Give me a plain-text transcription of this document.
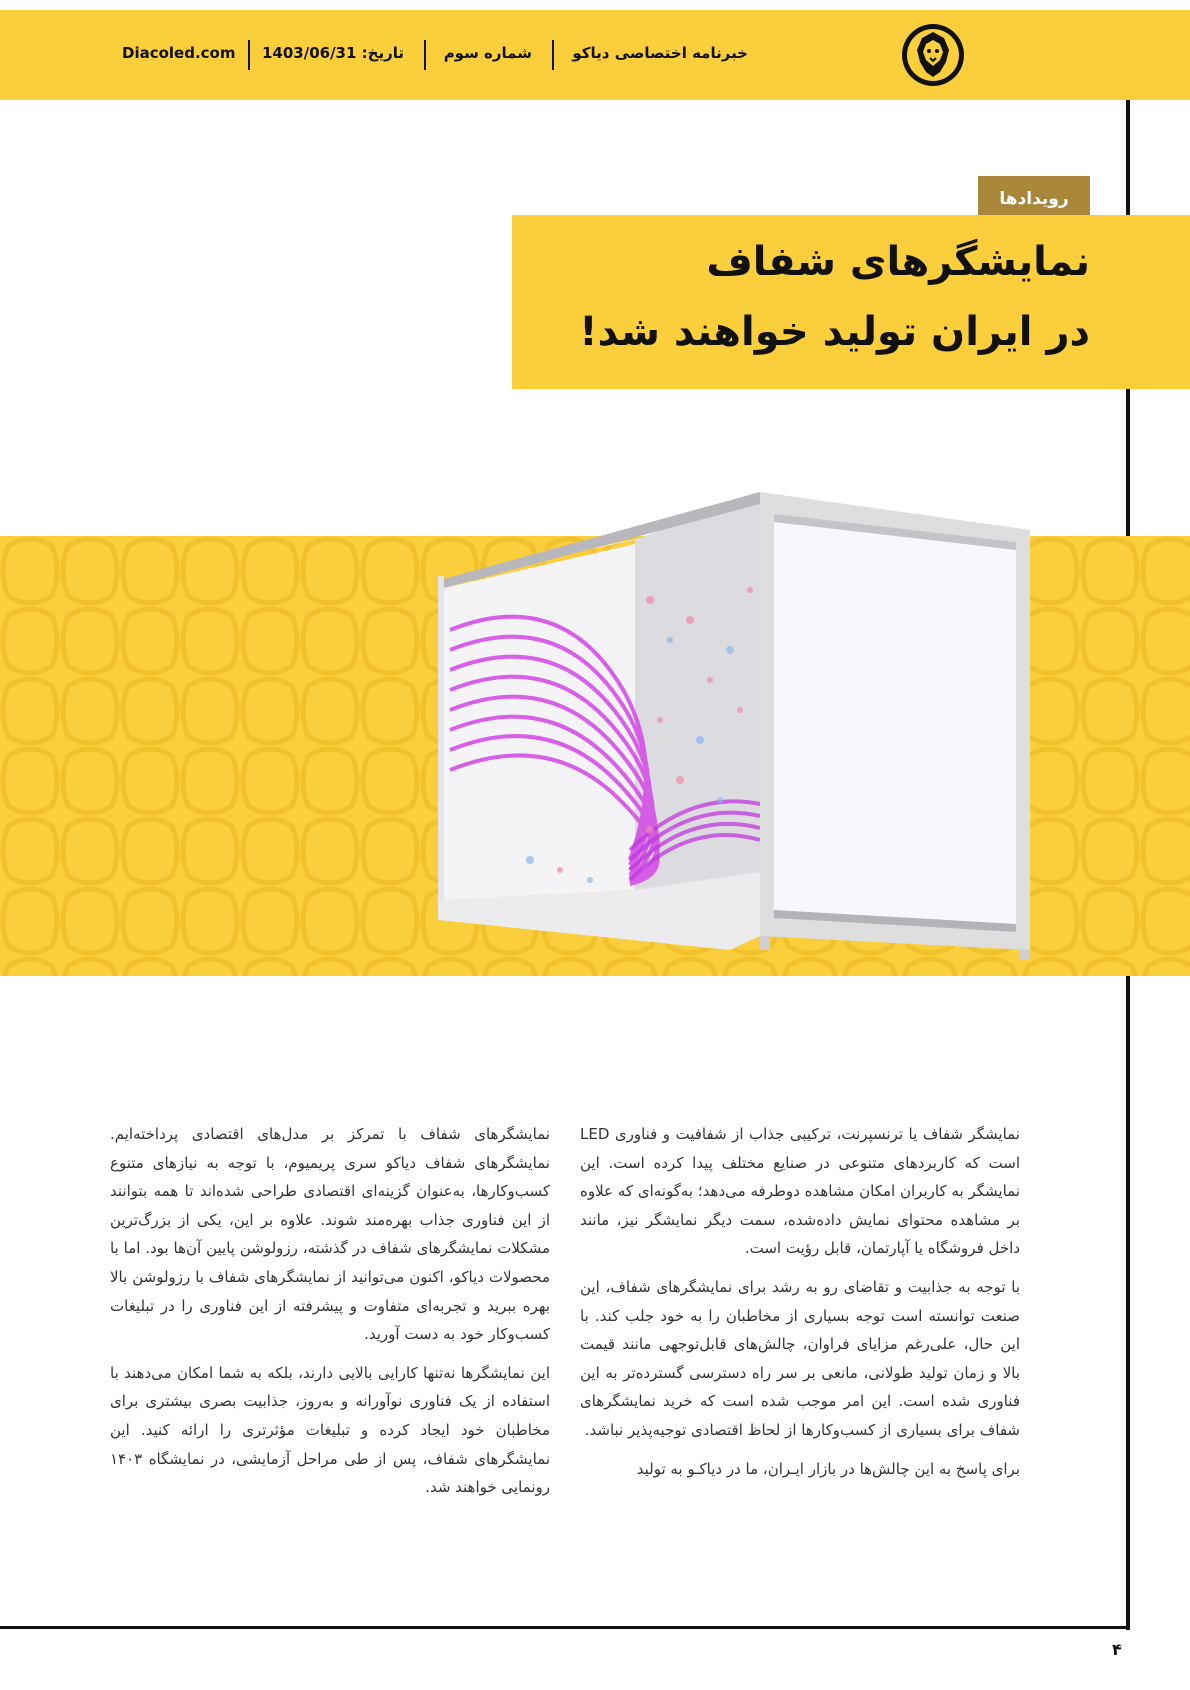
Diacoled.com تاریخ: 1403/06/31	شماره سوم	خبرنامه اختصاصی دیاکو
رویدادها
نمایشگرهای شفاف
در ایران تولید خواهند شد!

نمایشگر شفاف یا ترنسپرنت، ترکیبی جذاب از شفافیت و فناوری LED است که کاربردهای متنوعی در صنایع مختلف پیدا کرده است. این نمایشگر به کاربران امکان مشاهده دوطرفه می‌دهد؛ به‌گونه‌ای که علاوه بر مشاهده محتوای نمایش داده‌شده، سمت دیگر نمایشگر نیز، مانند داخل فروشگاه یا آپارتمان، قابل رؤیت است.

با توجه به جذابیت و تقاضای رو به رشد برای نمایشگرهای شفاف، این صنعت توانسته است توجه بسیاری از مخاطبان را به خود جلب کند. با این حال، علی‌رغم مزایای فراوان، چالش‌های قابل‌توجهی مانند قیمت بالا و زمان تولید طولانی، مانعی بر سر راه دسترسی گسترده‌تر به این فناوری شده است. این امر موجب شده است که خرید نمایشگرهای شفاف برای بسیاری از کسب‌وکارها از لحاظ اقتصادی توجیه‌پذیر نباشد.

برای پاسخ به این چالش‌ها در بازار ایـران، ما در دیاکـو به تولید

نمایشگرهای شفاف با تمرکز بر مدل‌های اقتصادی پرداخته‌ایم. نمایشگرهای شفاف دیاکو سری پریمیوم، با توجه به نیازهای متنوع کسب‌وکارها، به‌عنوان گزینه‌ای اقتصادی طراحی شده‌اند تا همه بتوانند از این فناوری جذاب بهره‌مند شوند. علاوه بر این، یکی از بزرگ‌ترین مشکلات نمایشگرهای شفاف در گذشته، رزولوشن پایین آن‌ها بود. اما با محصولات دیاکو، اکنون می‌توانید از نمایشگرهای شفاف با رزولوشن بالا بهره ببرید و تجربه‌ای متفاوت و پیشرفته از این فناوری را در تبلیغات کسب‌وکار خود به دست آورید.

این نمایشگرها نه‌تنها کارایی بالایی دارند، بلکه به شما امکان می‌دهند با استفاده از یک فناوری نوآورانه و به‌روز، جذابیت بصری بیشتری برای مخاطبان خود ایجاد کرده و تبلیغات مؤثرتری را ارائه کنید. این نمایشگرهای شفاف، پس از طی مراحل آزمایشی، در نمایشگاه ۱۴۰۳ رونمایی خواهند شد.

۴
